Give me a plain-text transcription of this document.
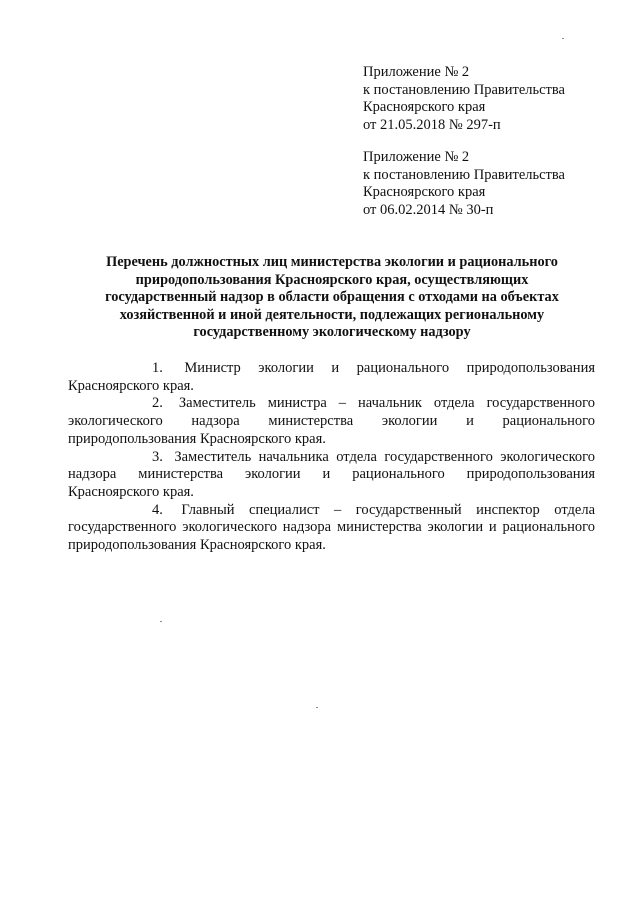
Приложение № 2
к постановлению Правительства
Красноярского края
от 21.05.2018 № 297-п
Приложение № 2
к постановлению Правительства
Красноярского края
от 06.02.2014 № 30-п
Перечень должностных лиц министерства экологии и рационального
природопользования Красноярского края, осуществляющих
государственный надзор в области обращения с отходами на объектах
хозяйственной и иной деятельности, подлежащих региональному
государственному экологическому надзору
1. Министр экологии и рационального природопользования Красноярского края.
2. Заместитель министра – начальник отдела государственного экологического надзора министерства экологии и рационального природопользования Красноярского края.
3. Заместитель начальника отдела государственного экологического надзора министерства экологии и рационального природопользования Красноярского края.
4. Главный специалист – государственный инспектор отдела государственного экологического надзора министерства экологии и рационального природопользования Красноярского края.
